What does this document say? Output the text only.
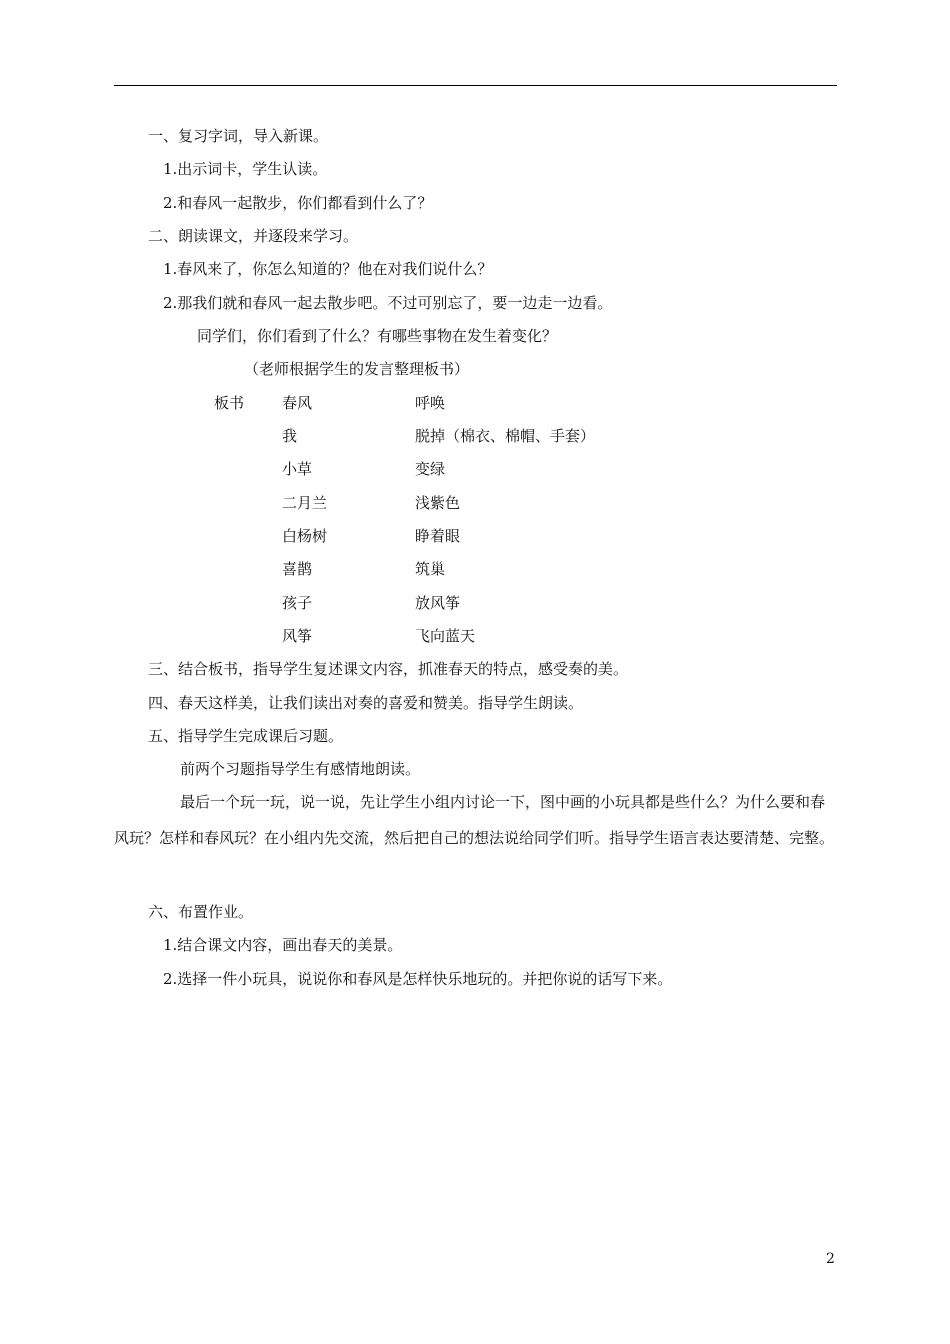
一、复习字词，导入新课。
1.出示词卡，学生认读。
2.和春风一起散步，你们都看到什么了？
二、朗读课文，并逐段来学习。
1.春风来了，你怎么知道的？他在对我们说什么？
2.那我们就和春风一起去散步吧。不过可别忘了，要一边走一边看。
同学们，你们看到了什么？有哪些事物在发生着变化？
（老师根据学生的发言整理板书）
板书	春风	呼唤
我	脱掉（棉衣、棉帽、手套）
小草	变绿
二月兰	浅紫色
白杨树	睁着眼
喜鹊	筑巢
孩子	放风筝
风筝	飞向蓝天
三、结合板书，指导学生复述课文内容，抓准春天的特点，感受奏的美。
四、春天这样美，让我们读出对奏的喜爱和赞美。指导学生朗读。
五、指导学生完成课后习题。
前两个习题指导学生有感情地朗读。
最后一个玩一玩，说一说，先让学生小组内讨论一下，图中画的小玩具都是些什么？为什么要和春风玩？怎样和春风玩？在小组内先交流，然后把自己的想法说给同学们听。指导学生语言表达要清楚、完整。
六、布置作业。
1.结合课文内容，画出春天的美景。
2.选择一件小玩具，说说你和春风是怎样快乐地玩的。并把你说的话写下来。
2
